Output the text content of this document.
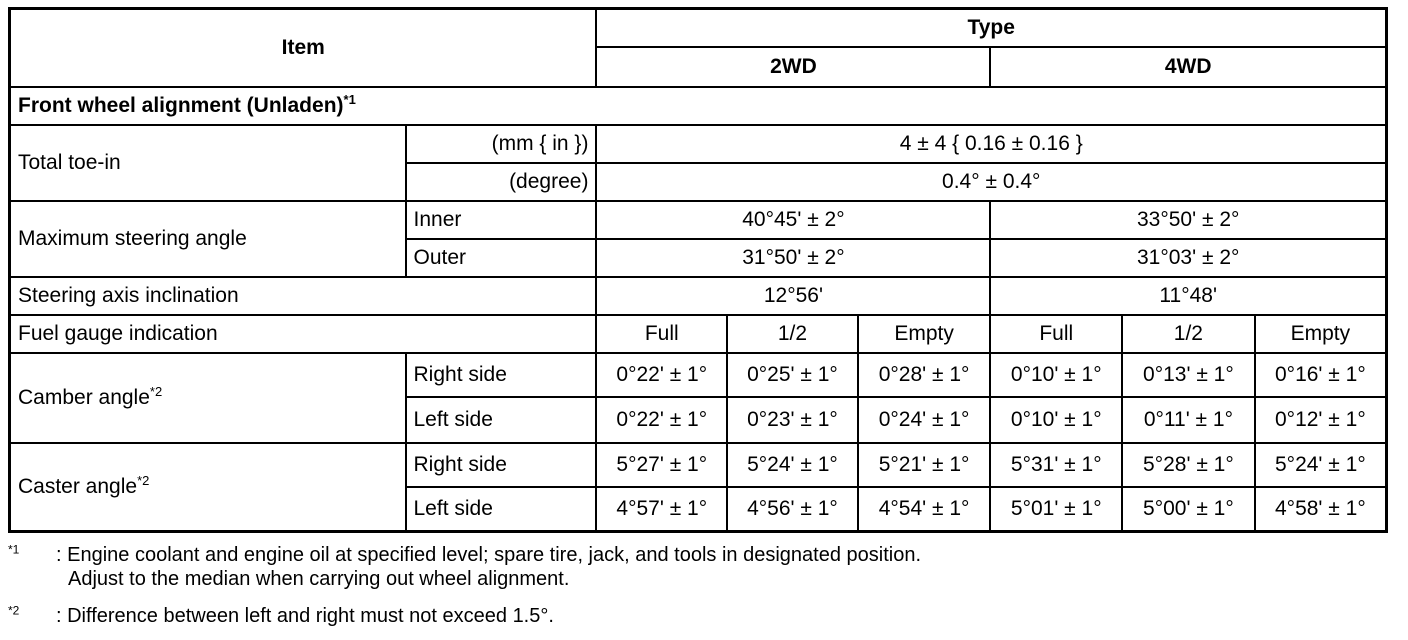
Item		Type					
		2WD			4WD		
Front wheel alignment (Unladen)$^{*1}$
Total toe-in	(mm { in })	4 ± 4 { 0.16 ± 0.16 }					
	(degree)	0.4° ± 0.4°					
Maximum steering angle	Inner	40°45' ± 2°			33°50' ± 2°		
	Outer	31°50' ± 2°			31°03' ± 2°		
Steering axis inclination		12°56'			11°48'		
Fuel gauge indication		Full	1/2	Empty	Full	1/2	Empty
Camber angle$^{*2}$	Right side	0°22' ± 1°	0°25' ± 1°	0°28' ± 1°	0°10' ± 1°	0°13' ± 1°	0°16' ± 1°
	Left side	0°22' ± 1°	0°23' ± 1°	0°24' ± 1°	0°10' ± 1°	0°11' ± 1°	0°12' ± 1°
Caster angle$^{*2}$	Right side	5°27' ± 1°	5°24' ± 1°	5°21' ± 1°	5°31' ± 1°	5°28' ± 1°	5°24' ± 1°
	Left side	4°57' ± 1°	4°56' ± 1°	4°54' ± 1°	5°01' ± 1°	5°00' ± 1°	4°58' ± 1°
$^{*1}$ : Engine coolant and engine oil at specified level; spare tire, jack, and tools in designated position.
Adjust to the median when carrying out wheel alignment.
$^{*2}$ : Difference between left and right must not exceed 1.5°.
